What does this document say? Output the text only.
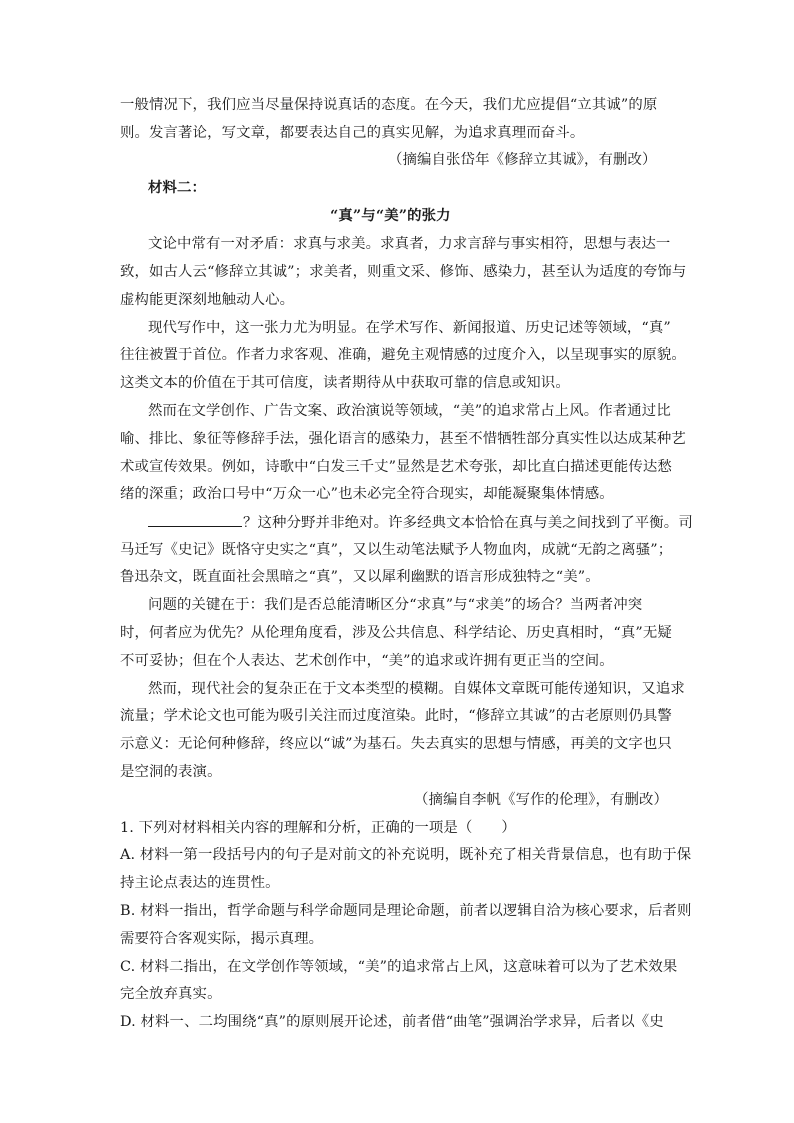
一般情况下，我们应当尽量保持说真话的态度。在今天，我们尤应提倡“立其诚”的原
则。发言著论，写文章，都要表达自己的真实见解，为追求真理而奋斗。
（摘编自张岱年《修辞立其诚》，有删改）
材料二：
“真”与“美”的张力
文论中常有一对矛盾：求真与求美。求真者，力求言辞与事实相符，思想与表达一
致，如古人云“修辞立其诚”；求美者，则重文采、修饰、感染力，甚至认为适度的夸饰与
虚构能更深刻地触动人心。
现代写作中，这一张力尤为明显。在学术写作、新闻报道、历史记述等领域，“真”
往往被置于首位。作者力求客观、准确，避免主观情感的过度介入，以呈现事实的原貌。
这类文本的价值在于其可信度，读者期待从中获取可靠的信息或知识。
然而在文学创作、广告文案、政治演说等领域，“美”的追求常占上风。作者通过比
喻、排比、象征等修辞手法，强化语言的感染力，甚至不惜牺牲部分真实性以达成某种艺
术或宣传效果。例如，诗歌中“白发三千丈”显然是艺术夸张，却比直白描述更能传达愁
绪的深重；政治口号中“万众一心”也未必完全符合现实，却能凝聚集体情感。
？这种分野并非绝对。许多经典文本恰恰在真与美之间找到了平衡。司
马迁写《史记》既恪守史实之“真”，又以生动笔法赋予人物血肉，成就“无韵之离骚”；
鲁迅杂文，既直面社会黑暗之“真”，又以犀利幽默的语言形成独特之“美”。
问题的关键在于：我们是否总能清晰区分“求真”与“求美”的场合？当两者冲突
时，何者应为优先？从伦理角度看，涉及公共信息、科学结论、历史真相时，“真”无疑
不可妥协；但在个人表达、艺术创作中，“美”的追求或许拥有更正当的空间。
然而，现代社会的复杂正在于文本类型的模糊。自媒体文章既可能传递知识，又追求
流量；学术论文也可能为吸引关注而过度渲染。此时，“修辞立其诚”的古老原则仍具警
示意义：无论何种修辞，终应以“诚”为基石。失去真实的思想与情感，再美的文字也只
是空洞的表演。
（摘编自李帆《写作的伦理》，有删改）
1. 下列对材料相关内容的理解和分析，正确的一项是（　　）
A. 材料一第一段括号内的句子是对前文的补充说明，既补充了相关背景信息，也有助于保
持主论点表达的连贯性。
B. 材料一指出，哲学命题与科学命题同是理论命题，前者以逻辑自洽为核心要求，后者则
需要符合客观实际，揭示真理。
C. 材料二指出，在文学创作等领域，“美”的追求常占上风，这意味着可以为了艺术效果
完全放弃真实。
D. 材料一、二均围绕“真”的原则展开论述，前者借“曲笔”强调治学求异，后者以《史
